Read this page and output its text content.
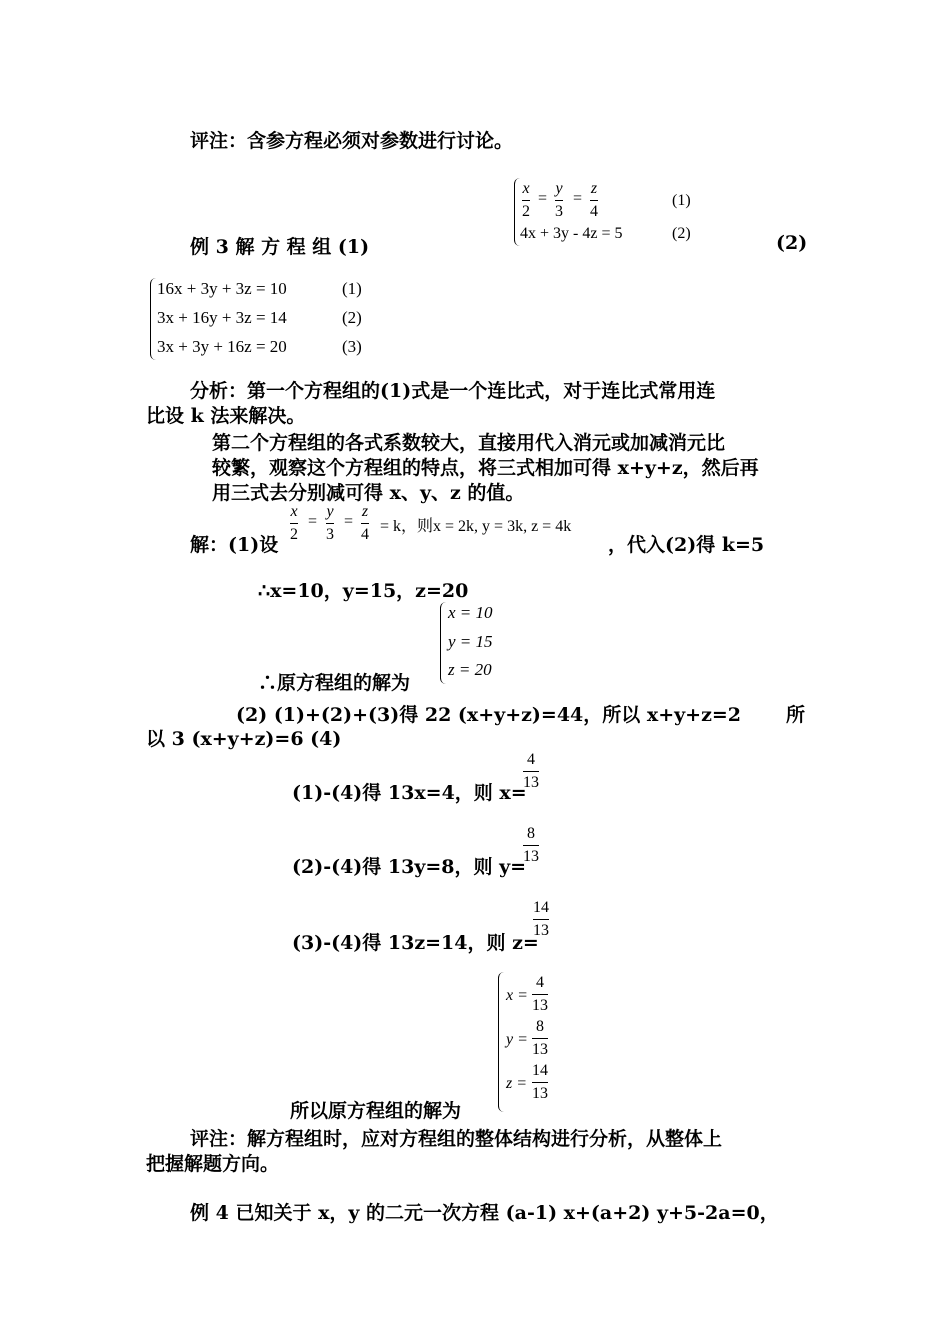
评注：含参方程必须对参数进行讨论。
例 3 解 方 程 组 (1)	(2)
x
2
=
y
3
=
z
4
(1)
4x + 3y - 4z = 5	(2)
16x + 3y + 3z = 10	(1)
3x + 16y + 3z = 14	(2)
3x + 3y + 16z = 20	(3)
分析：第一个方程组的(1)式是一个连比式，对于连比式常用连
比设 k 法来解决。
第二个方程组的各式系数较大，直接用代入消元或加减消元比
较繁，观察这个方程组的特点，将三式相加可得 x+y+z，然后再
用三式去分别减可得 x、y、z 的值。
解：(1)设
x
2
=
y
3
=
z
4 = k，则x = 2k, y = 3k, z = 4k
，代入(2)得 k=5
∴x=10，y=15，z=20
x = 10
y = 15
z = 20
∴原方程组的解为
(2) (1)+(2)+(3)得 22 (x+y+z)=44，所以 x+y+z=2 所
以 3 (x+y+z)=6 (4)
(1)-(4)得 13x=4，则 x=
4
13
(2)-(4)得 13y=8，则 y=
8
13
(3)-(4)得 13z=14，则 z=
14
13
x =
4
13
y =
8
13
z =
14
13
所以原方程组的解为
评注：解方程组时，应对方程组的整体结构进行分析，从整体上
把握解题方向。
例 4 已知关于 x，y 的二元一次方程 (a-1) x+(a+2) y+5-2a=0，
